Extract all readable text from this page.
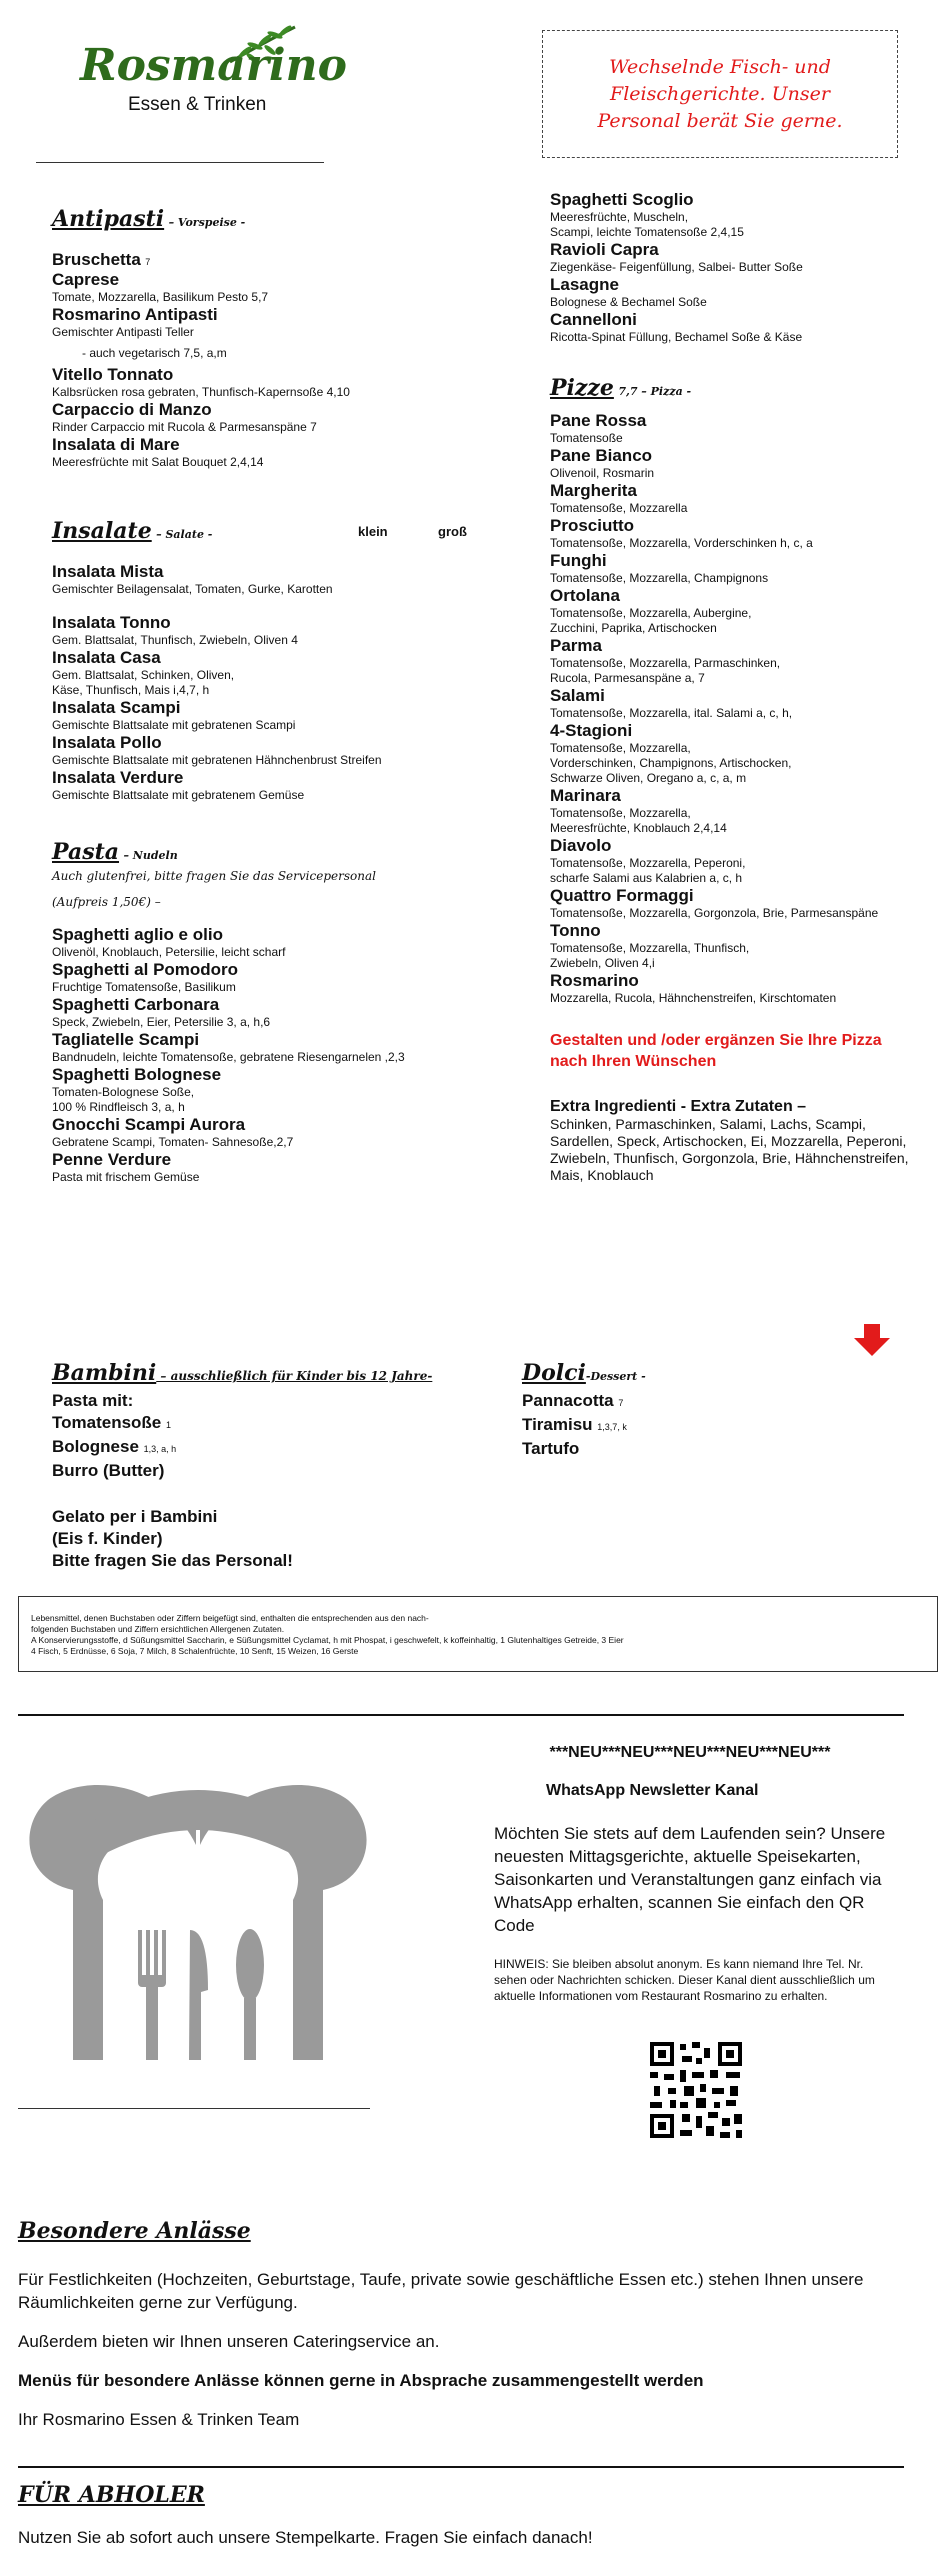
Rosmarino
Essen & Trinken
Wechselnde Fisch- und Fleischgerichte. Unser Personal berät Sie gerne.
Antipasti – Vorspeise -
Bruschetta 7
Caprese
Tomate, Mozzarella, Basilikum Pesto 5,7
Rosmarino Antipasti
Gemischter Antipasti Teller
- auch vegetarisch 7,5, a,m
Vitello Tonnato
Kalbsrücken rosa gebraten, Thunfisch-Kapernsoße 4,10
Carpaccio di Manzo
Rinder Carpaccio mit Rucola & Parmesanspäne 7
Insalata di Mare
Meeresfrüchte mit Salat Bouquet 2,4,14
Insalate – Salate -	klein	groß
Insalata Mista
Gemischter Beilagensalat, Tomaten, Gurke, Karotten
Insalata Tonno
Gem. Blattsalat, Thunfisch, Zwiebeln, Oliven 4
Insalata Casa
Gem. Blattsalat, Schinken, Oliven,
Käse, Thunfisch, Mais i,4,7, h
Insalata Scampi
Gemischte Blattsalate mit gebratenen Scampi
Insalata Pollo
Gemischte Blattsalate mit gebratenen Hähnchenbrust Streifen
Insalata Verdure
Gemischte Blattsalate mit gebratenem Gemüse
Pasta – Nudeln
Auch glutenfrei, bitte fragen Sie das Servicepersonal
(Aufpreis 1,50€) –
Spaghetti aglio e olio
Olivenöl, Knoblauch, Petersilie, leicht scharf
Spaghetti al Pomodoro
Fruchtige Tomatensoße, Basilikum
Spaghetti Carbonara
Speck, Zwiebeln, Eier, Petersilie 3, a, h,6
Tagliatelle Scampi
Bandnudeln, leichte Tomatensoße, gebratene Riesengarnelen ,2,3
Spaghetti Bolognese
Tomaten-Bolognese Soße,
100 % Rindfleisch 3, a, h
Gnocchi Scampi Aurora
Gebratene Scampi, Tomaten- Sahnesoße,2,7
Penne Verdure
Pasta mit frischem Gemüse
Spaghetti Scoglio
Meeresfrüchte, Muscheln,
Scampi, leichte Tomatensoße 2,4,15
Ravioli Capra
Ziegenkäse- Feigenfüllung, Salbei- Butter Soße
Lasagne
Bolognese & Bechamel Soße
Cannelloni
Ricotta-Spinat Füllung, Bechamel Soße & Käse
Pizze 7,7 – Pizza -
Pane Rossa
Tomatensoße
Pane Bianco
Olivenoil, Rosmarin
Margherita
Tomatensoße, Mozzarella
Prosciutto
Tomatensoße, Mozzarella, Vorderschinken h, c, a
Funghi
Tomatensoße, Mozzarella, Champignons
Ortolana
Tomatensoße, Mozzarella, Aubergine,
Zucchini, Paprika, Artischocken
Parma
Tomatensoße, Mozzarella, Parmaschinken,
Rucola, Parmesanspäne a, 7
Salami
Tomatensoße, Mozzarella, ital. Salami a, c, h,
4-Stagioni
Tomatensoße, Mozzarella,
Vorderschinken, Champignons, Artischocken,
Schwarze Oliven, Oregano a, c, a, m
Marinara
Tomatensoße, Mozzarella,
Meeresfrüchte, Knoblauch 2,4,14
Diavolo
Tomatensoße, Mozzarella, Peperoni,
scharfe Salami aus Kalabrien a, c, h
Quattro Formaggi
Tomatensoße, Mozzarella, Gorgonzola, Brie, Parmesanspäne
Tonno
Tomatensoße, Mozzarella, Thunfisch,
Zwiebeln, Oliven 4,i
Rosmarino
Mozzarella, Rucola, Hähnchenstreifen, Kirschtomaten
Gestalten und /oder ergänzen Sie Ihre Pizza nach Ihren Wünschen
Extra Ingredienti - Extra Zutaten –
Schinken, Parmaschinken, Salami, Lachs, Scampi, Sardellen, Speck, Artischocken, Ei, Mozzarella, Peperoni, Zwiebeln, Thunfisch, Gorgonzola, Brie, Hähnchenstreifen, Mais, Knoblauch
Bambini – ausschließlich für Kinder bis 12 Jahre-
Pasta mit:
Tomatensoße 1
Bolognese 1,3, a, h
Burro (Butter)
Gelato per i Bambini
(Eis f. Kinder)
Bitte fragen Sie das Personal!
Dolci-Dessert -
Pannacotta 7
Tiramisu 1,3,7, k
Tartufo
Lebensmittel, denen Buchstaben oder Ziffern beigefügt sind, enthalten die entsprechenden aus den nach-
folgenden Buchstaben und Ziffern ersichtlichen Allergenen Zutaten.
A Konservierungsstoffe, d Süßungsmittel Saccharin, e Süßungsmittel Cyclamat, h mit Phospat, i geschwefelt, k koffeinhaltig, 1 Glutenhaltiges Getreide, 3 Eier
4 Fisch, 5 Erdnüsse, 6 Soja, 7 Milch, 8 Schalenfrüchte, 10 Senft, 15 Weizen, 16 Gerste
***NEU***NEU***NEU***NEU***NEU***
WhatsApp Newsletter Kanal
Möchten Sie stets auf dem Laufenden sein? Unsere neuesten Mittagsgerichte, aktuelle Speisekarten, Saisonkarten und Veranstaltungen ganz einfach via WhatsApp erhalten, scannen Sie einfach den QR Code
HINWEIS: Sie bleiben absolut anonym. Es kann niemand Ihre Tel. Nr. sehen oder Nachrichten schicken. Dieser Kanal dient ausschließlich um aktuelle Informationen vom Restaurant Rosmarino zu erhalten.
Besondere Anlässe
Für Festlichkeiten (Hochzeiten, Geburtstage, Taufe, private sowie geschäftliche Essen etc.) stehen Ihnen unsere Räumlichkeiten gerne zur Verfügung.
Außerdem bieten wir Ihnen unseren Cateringservice an.
Menüs für besondere Anlässe können gerne in Absprache zusammengestellt werden
Ihr Rosmarino Essen & Trinken Team
FÜR ABHOLER
Nutzen Sie ab sofort auch unsere Stempelkarte. Fragen Sie einfach danach!
